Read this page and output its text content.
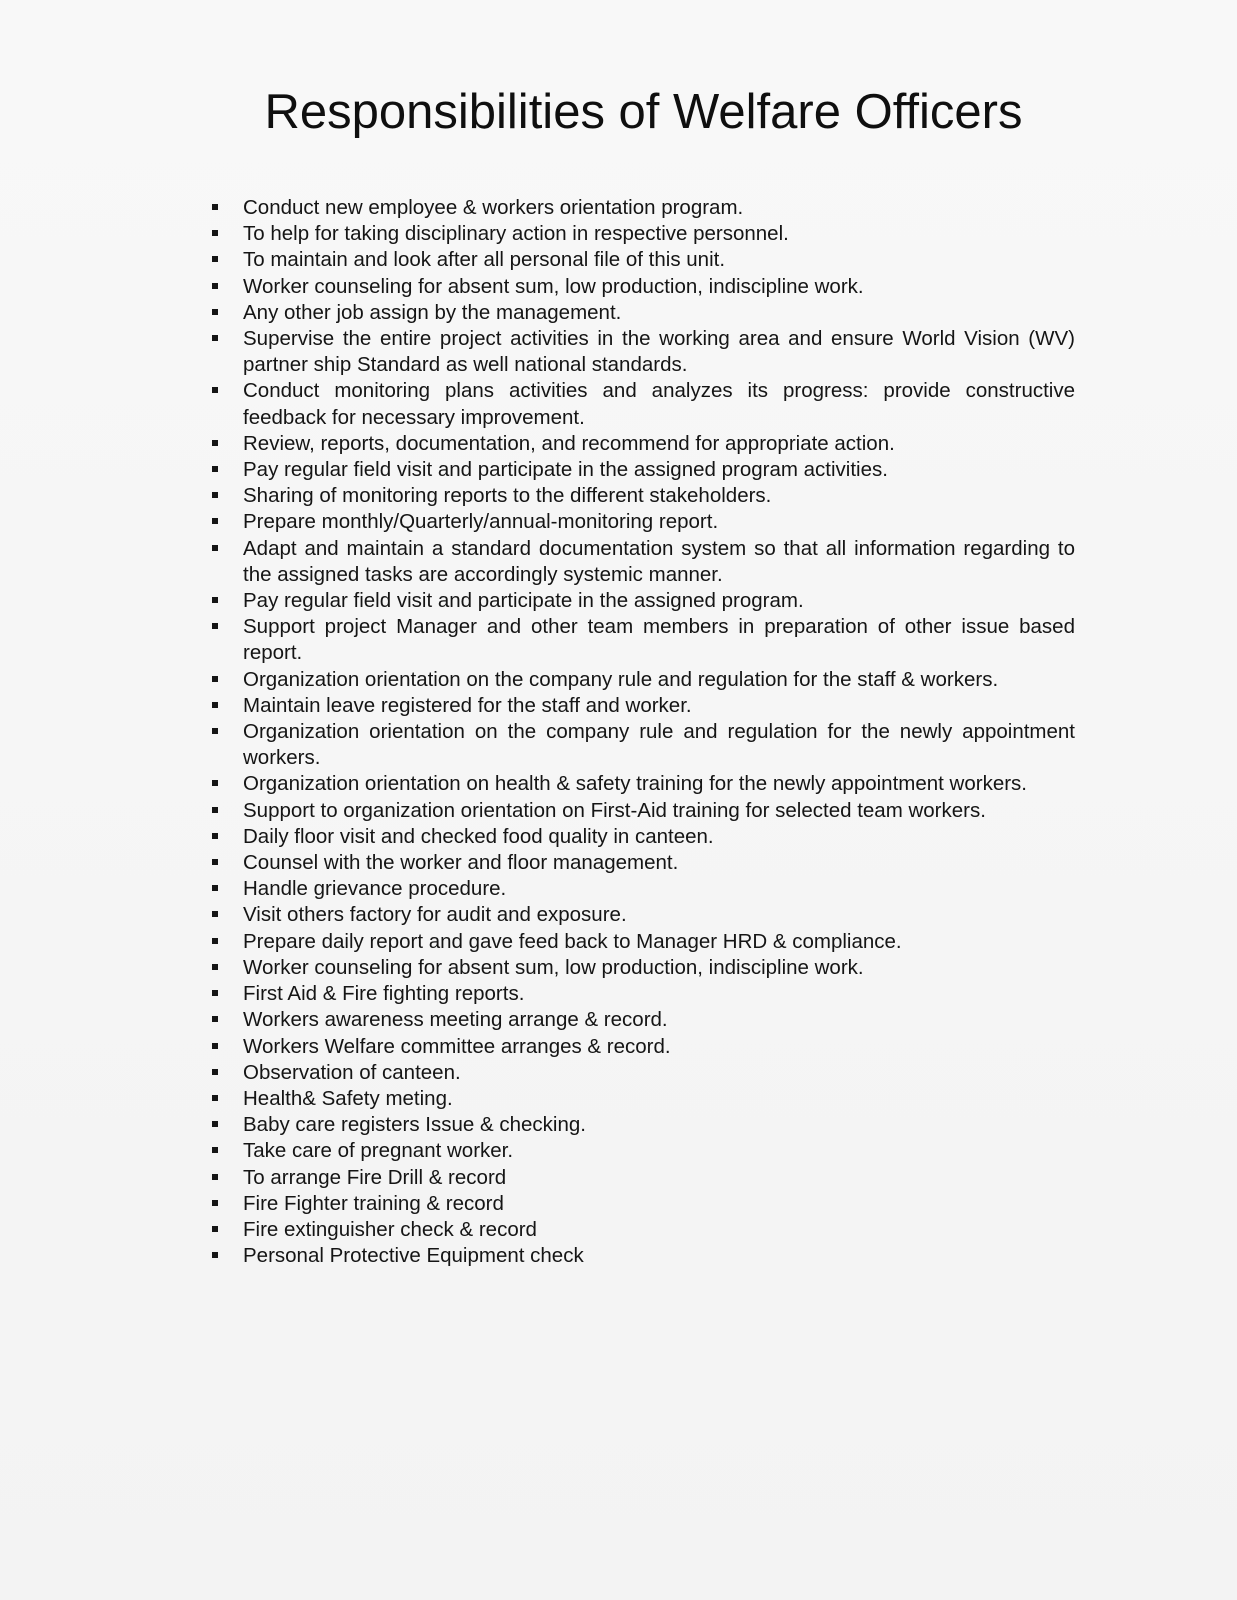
Responsibilities of Welfare Officers
Conduct new employee & workers orientation program.
To help for taking disciplinary action in respective personnel.
To maintain and look after all personal file of this unit.
Worker counseling for absent sum, low production, indiscipline work.
Any other job assign by the management.
Supervise the entire project activities in the working area and ensure World Vision (WV) partner ship Standard as well national standards.
Conduct monitoring plans activities and analyzes its progress: provide constructive feedback for necessary improvement.
Review, reports, documentation, and recommend for appropriate action.
Pay regular field visit and participate in the assigned program activities.
Sharing of monitoring reports to the different stakeholders.
Prepare monthly/Quarterly/annual-monitoring report.
Adapt and maintain a standard documentation system so that all information regarding to the assigned tasks are accordingly systemic manner.
Pay regular field visit and participate in the assigned program.
Support project Manager and other team members in preparation of other issue based report.
Organization orientation on the company rule and regulation for the staff & workers.
Maintain leave registered for the staff and worker.
Organization orientation on the company rule and regulation for the newly appointment workers.
Organization orientation on health & safety training for the newly appointment workers.
Support to organization orientation on First-Aid training for selected team workers.
Daily floor visit and checked food quality in canteen.
Counsel with the worker and floor management.
Handle grievance procedure.
Visit others factory for audit and exposure.
Prepare daily report and gave feed back to Manager HRD & compliance.
Worker counseling for absent sum, low production, indiscipline work.
First Aid & Fire fighting reports.
Workers awareness meeting arrange & record.
Workers Welfare committee arranges & record.
Observation of canteen.
Health& Safety meting.
Baby care registers Issue & checking.
Take care of pregnant worker.
To arrange Fire Drill & record
Fire Fighter training & record
Fire extinguisher check & record
Personal Protective Equipment check
